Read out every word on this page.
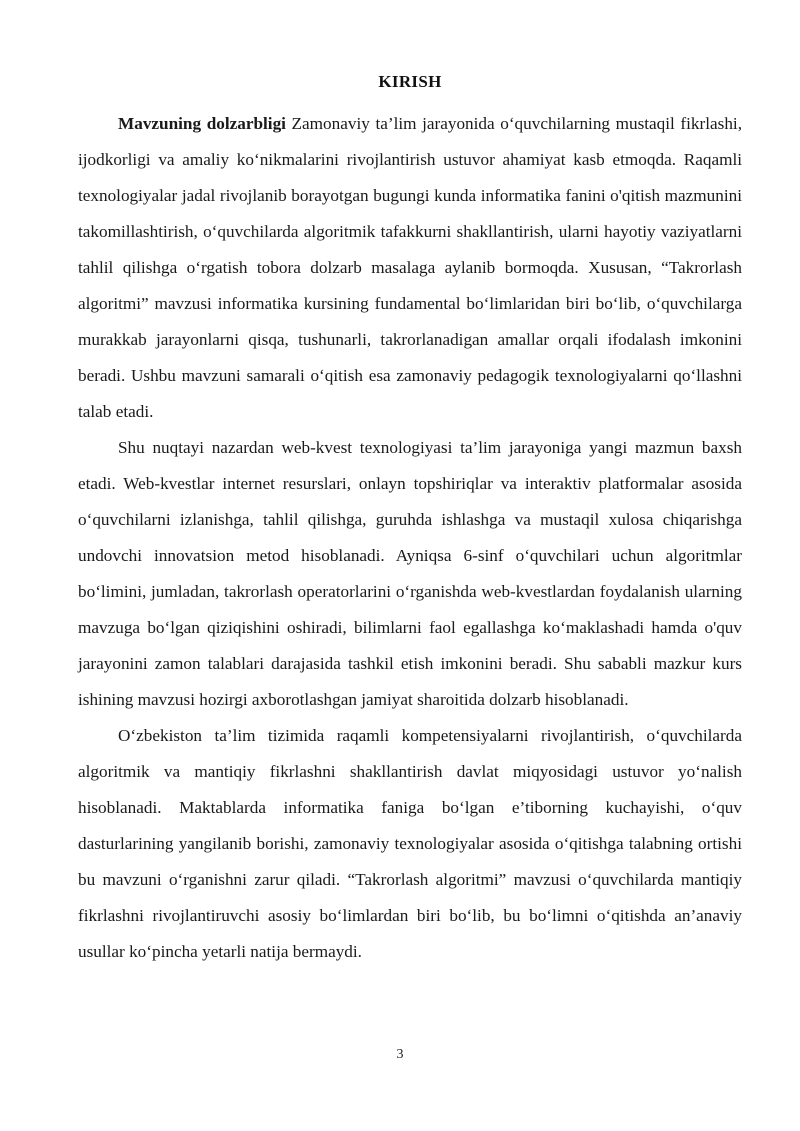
KIRISH

Mavzuning dolzarbligi Zamonaviy ta’lim jarayonida o‘quvchilarning mustaqil fikrlashi, ijodkorligi va amaliy ko‘nikmalarini rivojlantirish ustuvor ahamiyat kasb etmoqda. Raqamli texnologiyalar jadal rivojlanib borayotgan bugungi kunda informatika fanini o'qitish mazmunini takomillashtirish, o‘quvchilarda algoritmik tafakkurni shakllantirish, ularni hayotiy vaziyatlarni tahlil qilishga o‘rgatish tobora dolzarb masalaga aylanib bormoqda. Xususan, “Takrorlash algoritmi” mavzusi informatika kursining fundamental bo‘limlaridan biri bo‘lib, o‘quvchilarga murakkab jarayonlarni qisqa, tushunarli, takrorlanadigan amallar orqali ifodalash imkonini beradi. Ushbu mavzuni samarali o‘qitish esa zamonaviy pedagogik texnologiyalarni qo‘llashni talab etadi.

Shu nuqtayi nazardan web-kvest texnologiyasi ta’lim jarayoniga yangi mazmun baxsh etadi. Web-kvestlar internet resurslari, onlayn topshiriqlar va interaktiv platformalar asosida o‘quvchilarni izlanishga, tahlil qilishga, guruhda ishlashga va mustaqil xulosa chiqarishga undovchi innovatsion metod hisoblanadi. Ayniqsa 6-sinf o‘quvchilari uchun algoritmlar bo‘limini, jumladan, takrorlash operatorlarini o‘rganishda web-kvestlardan foydalanish ularning mavzuga bo‘lgan qiziqishini oshiradi, bilimlarni faol egallashga ko‘maklashadi hamda o'quv jarayonini zamon talablari darajasida tashkil etish imkonini beradi. Shu sababli mazkur kurs ishining mavzusi hozirgi axborotlashgan jamiyat sharoitida dolzarb hisoblanadi.

O‘zbekiston ta’lim tizimida raqamli kompetensiyalarni rivojlantirish, o‘quvchilarda algoritmik va mantiqiy fikrlashni shakllantirish davlat miqyosidagi ustuvor yo‘nalish hisoblanadi. Maktablarda informatika faniga bo‘lgan e’tiborning kuchayishi, o‘quv dasturlarining yangilanib borishi, zamonaviy texnologiyalar asosida o‘qitishga talabning ortishi bu mavzuni o‘rganishni zarur qiladi. “Takrorlash algoritmi” mavzusi o‘quvchilarda mantiqiy fikrlashni rivojlantiruvchi asosiy bo‘limlardan biri bo‘lib, bu bo‘limni o‘qitishda an’anaviy usullar ko‘pincha yetarli natija bermaydi.

3
